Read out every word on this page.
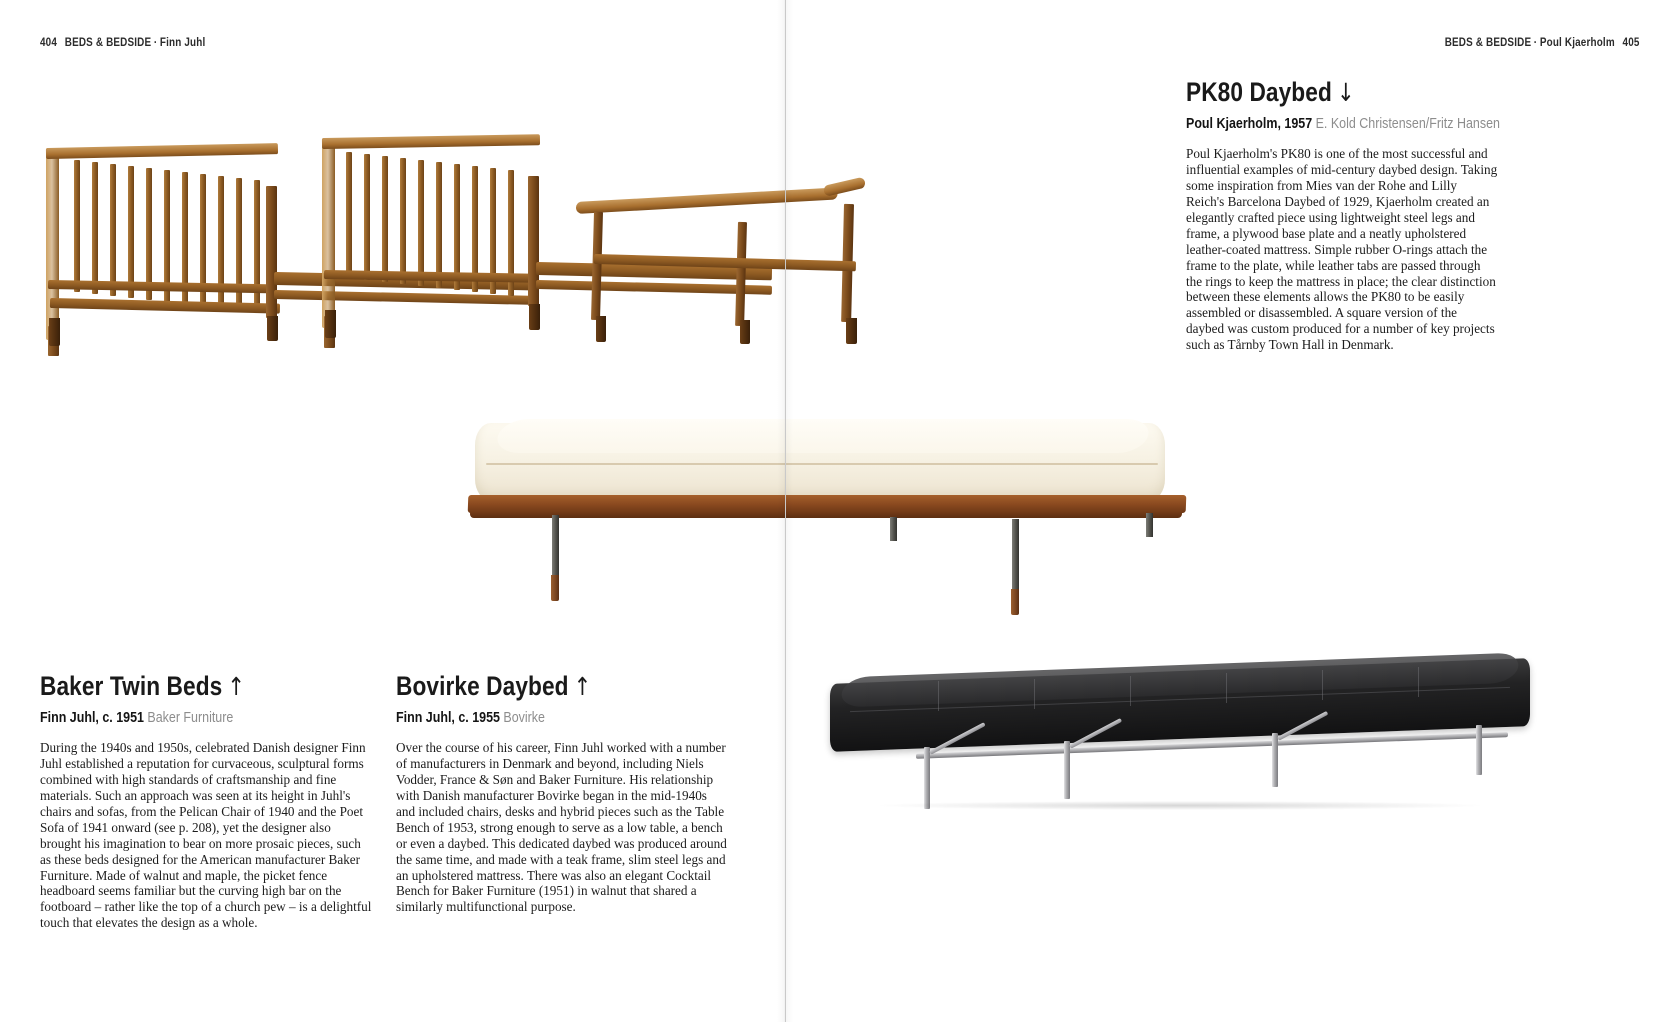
404 BEDS & BEDSIDE · Finn Juhl	BEDS & BEDSIDE · Poul Kjaerholm 405
PK80 Daybed ↓
Poul Kjaerholm, 1957 E. Kold Christensen/Fritz Hansen

Poul Kjaerholm's PK80 is one of the most successful and influential examples of mid-century daybed design. Taking some inspiration from Mies van der Rohe and Lilly Reich's Barcelona Daybed of 1929, Kjaerholm created an elegantly crafted piece using lightweight steel legs and frame, a plywood base plate and a neatly upholstered leather-coated mattress. Simple rubber O-rings attach the frame to the plate, while leather tabs are passed through the rings to keep the mattress in place; the clear distinction between these elements allows the PK80 to be easily assembled or disassembled. A square version of the daybed was custom produced for a number of key projects such as Tårnby Town Hall in Denmark.

Baker Twin Beds ↑
Finn Juhl, c. 1951 Baker Furniture

During the 1940s and 1950s, celebrated Danish designer Finn Juhl established a reputation for curvaceous, sculptural forms combined with high standards of craftsmanship and fine materials. Such an approach was seen at its height in Juhl's chairs and sofas, from the Pelican Chair of 1940 and the Poet Sofa of 1941 onward (see p. 208), yet the designer also brought his imagination to bear on more prosaic pieces, such as these beds designed for the American manufacturer Baker Furniture. Made of walnut and maple, the picket fence headboard seems familiar but the curving high bar on the footboard – rather like the top of a church pew – is a delightful touch that elevates the design as a whole.

Bovirke Daybed ↑
Finn Juhl, c. 1955 Bovirke

Over the course of his career, Finn Juhl worked with a number of manufacturers in Denmark and beyond, including Niels Vodder, France & Søn and Baker Furniture. His relationship with Danish manufacturer Bovirke began in the mid-1940s and included chairs, desks and hybrid pieces such as the Table Bench of 1953, strong enough to serve as a low table, a bench or even a daybed. This dedicated daybed was produced around the same time, and made with a teak frame, slim steel legs and an upholstered mattress. There was also an elegant Cocktail Bench for Baker Furniture (1951) in walnut that shared a similarly multifunctional purpose.
